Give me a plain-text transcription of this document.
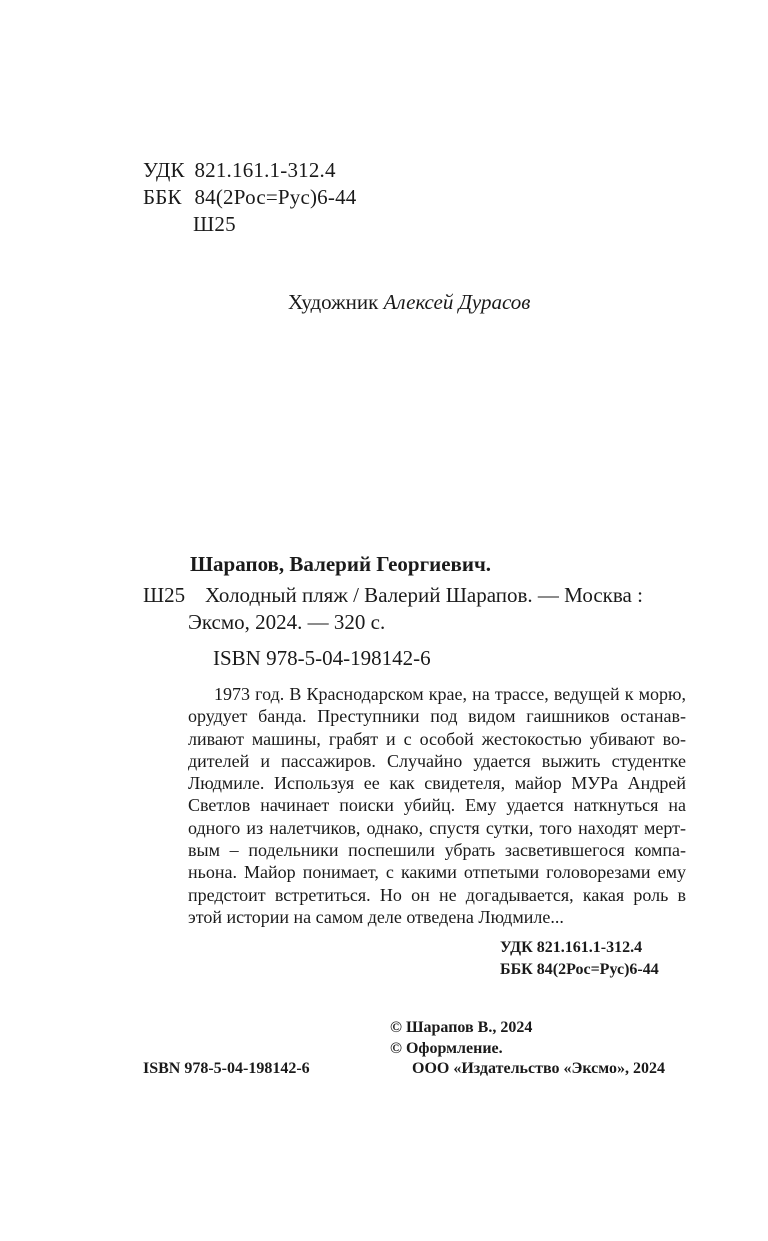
УДК 821.161.1-312.4
ББК 84(2Рос=Рус)6-44
Ш25
Художник Алексей Дурасов
Шарапов, Валерий Георгиевич.
Ш25 Холодный пляж / Валерий Шарапов. — Москва :
Эксмо, 2024. — 320 с.
ISBN 978-5-04-198142-6
1973 год. В Краснодарском крае, на трассе, ведущей к морю,
орудует банда. Преступники под видом гаишников останав-
ливают машины, грабят и с особой жестокостью убивают во-
дителей и пассажиров. Случайно удается выжить студентке
Людмиле. Используя ее как свидетеля, майор МУРа Андрей
Светлов начинает поиски убийц. Ему удается наткнуться на
одного из налетчиков, однако, спустя сутки, того находят мерт-
вым – подельники поспешили убрать засветившегося компа-
ньона. Майор понимает, с какими отпетыми головорезами ему
предстоит встретиться. Но он не догадывается, какая роль в
этой истории на самом деле отведена Людмиле...
УДК 821.161.1-312.4
ББК 84(2Рос=Рус)6-44
© Шарапов В., 2024
© Оформление.
ISBN 978-5-04-198142-6	ООО «Издательство «Эксмо», 2024
